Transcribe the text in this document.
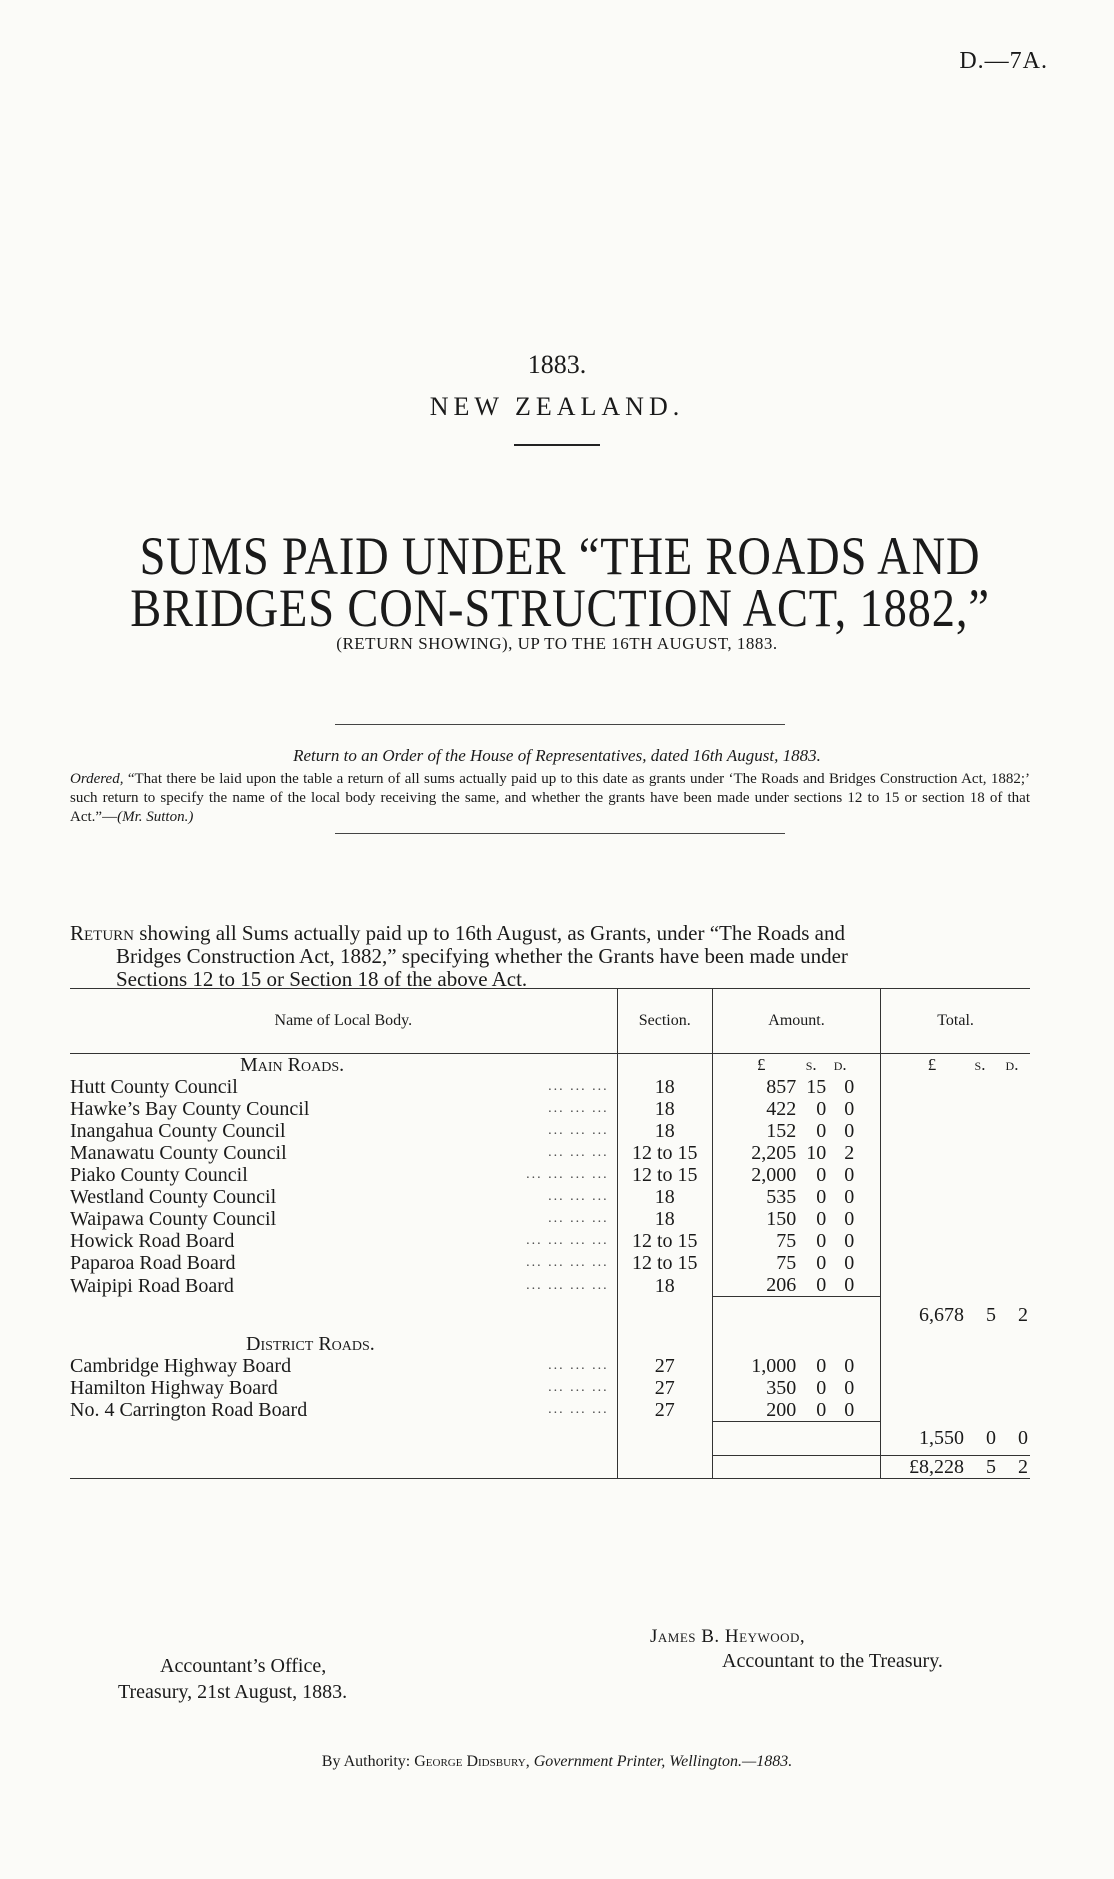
D.—7A.
1883.
NEW ZEALAND.
SUMS PAID UNDER “THE ROADS AND BRIDGES CON-STRUCTION ACT, 1882,”
(RETURN SHOWING), UP TO THE 16TH AUGUST, 1883.
Return to an Order of the House of Representatives, dated 16th August, 1883.
Ordered, “That there be laid upon the table a return of all sums actually paid up to this date as grants under ‘The Roads and Bridges Construction Act, 1882;’ such return to specify the name of the local body receiving the same, and whether the grants have been made under sections 12 to 15 or section 18 of that Act.”—(Mr. Sutton.)
Return showing all Sums actually paid up to 16th August, as Grants, under “The Roads and
Bridges Construction Act, 1882,” specifying whether the Grants have been made under
Sections 12 to 15 or Section 18 of the above Act.
Name of Local Body.	Section.	Amount.	Total.
Main Roads.		£ s. d.	£ s. d.

Hutt County Council ... ... ...	18	857 15 0	

Hawke’s Bay County Council ... ... ...	18	422 0 0	

Inangahua County Council ... ... ...	18	152 0 0	

Manawatu County Council ... ... ...	12 to 15	2,205 10 2	

Piako County Council ... ... ... ...	12 to 15	2,000 0 0	

Westland County Council ... ... ...	18	535 0 0	

Waipawa County Council ... ... ...	18	150 0 0	

Howick Road Board ... ... ... ...	12 to 15	75 0 0	

Paparoa Road Board ... ... ... ...	12 to 15	75 0 0	

Waipipi Road Board ... ... ... ...	18	206 0 0	

			6,678 5 2

District Roads.			

Cambridge Highway Board ... ... ...	27	1,000 0 0	

Hamilton Highway Board ... ... ...	27	350 0 0	

No. 4 Carrington Road Board ... ... ...	27	200 0 0	

			1,550 0 0

			£8,228 5 2

James B. Heywood,
Accountant to the Treasury.
Accountant’s Office,
Treasury, 21st August, 1883.
By Authority: George Didsbury, Government Printer, Wellington.—1883.
